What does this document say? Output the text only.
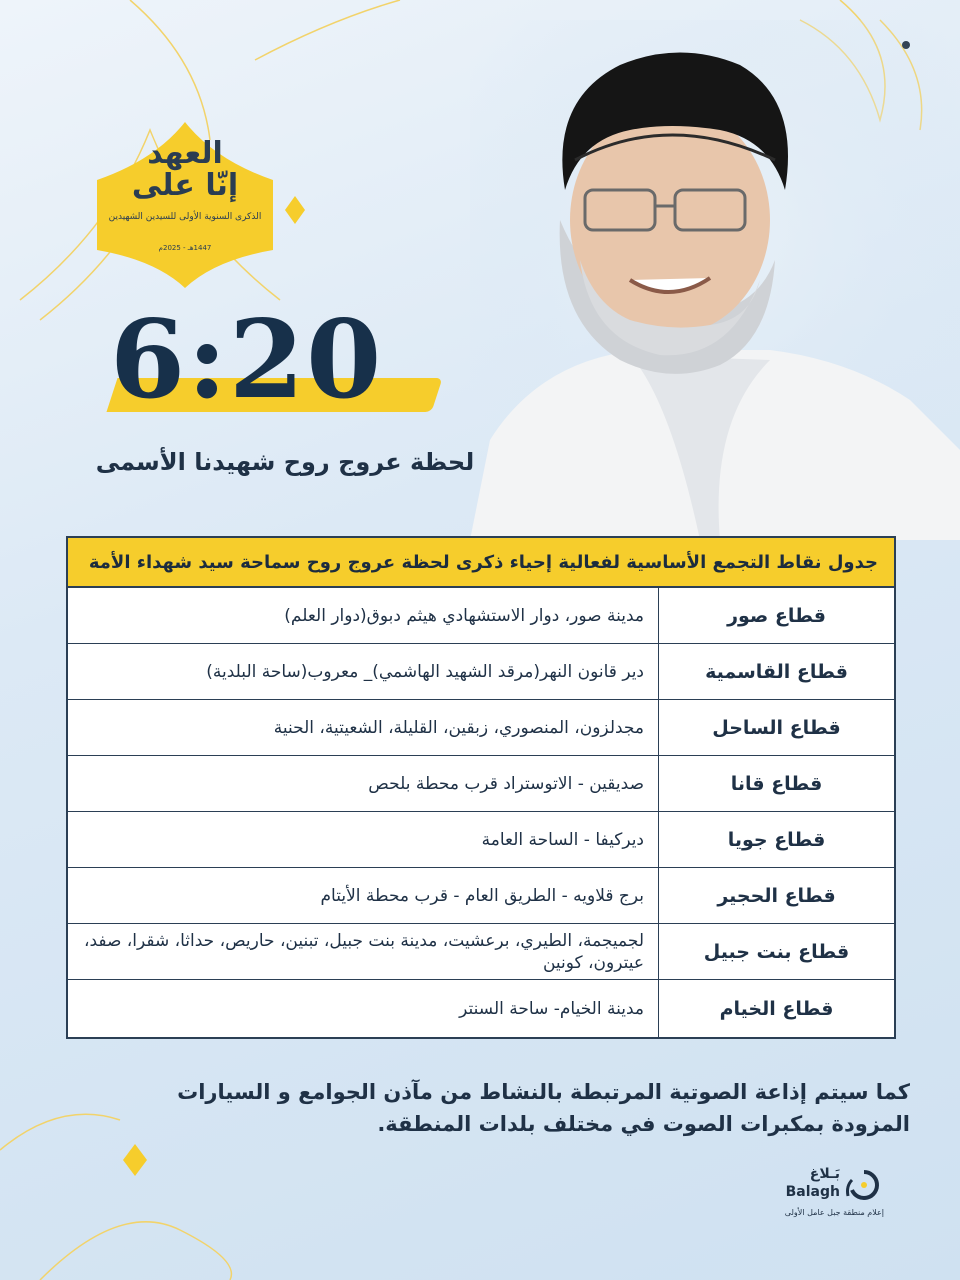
العهد
إنّا على
الذكرى السنوية الأولى للسيدين الشهيدين
1447هـ - 2025م
6:20
لحظة عروج روح شهيدنا الأسمى
جدول نقاط التجمع الأساسية لفعالية إحياء ذكرى لحظة عروج روح سماحة سيد شهداء الأمة
قطاع صور
مدينة صور، دوار الاستشهادي هيثم دبوق(دوار العلم)
قطاع القاسمية
دير قانون النهر(مرقد الشهيد الهاشمي)_ معروب(ساحة البلدية)
قطاع الساحل
مجدلزون، المنصوري، زبقين، القليلة، الشعيتية، الحنية
قطاع قانا
صديقين - الاتوستراد قرب محطة بلحص
قطاع جويا
ديركيفا - الساحة العامة
قطاع الحجير
برج قلاويه - الطريق العام - قرب محطة الأيتام
قطاع بنت جبيل
لجميجمة، الطيري، برعشيت، مدينة بنت جبيل، تبنين، حاريص، حداثا، شقرا، صفد، عيترون، كونين
قطاع الخيام
مدينة الخيام- ساحة السنتر
كما سيتم إذاعة الصوتية المرتبطة بالنشاط من مآذن الجوامع و السيارات المزودة بمكبرات الصوت في مختلف بلدات المنطقة.
بَـلاغ
Balagh
إعلام منطقة جبل عامل الأولى
